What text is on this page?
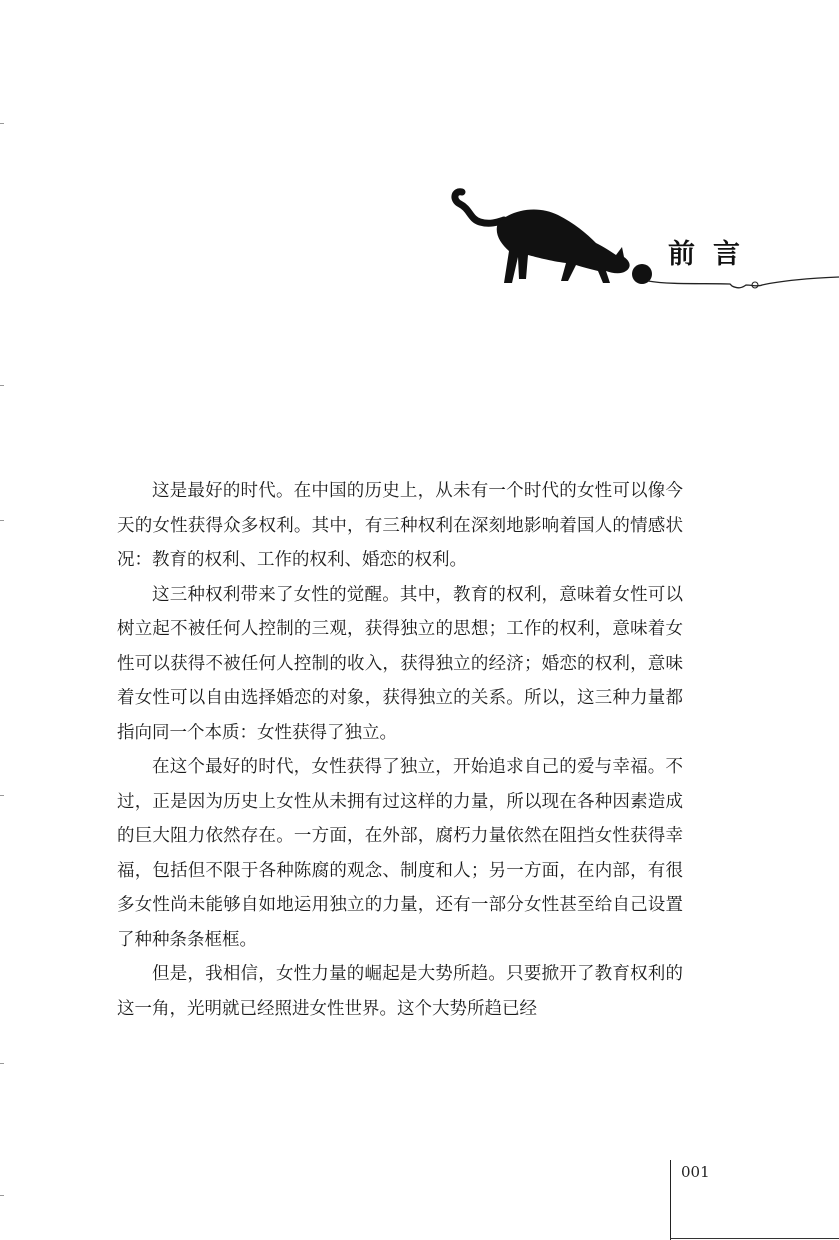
前言

这是最好的时代。在中国的历史上，从未有一个时代的女性可以像今天的女性获得众多权利。其中，有三种权利在深刻地影响着国人的情感状况：教育的权利、工作的权利、婚恋的权利。

这三种权利带来了女性的觉醒。其中，教育的权利，意味着女性可以树立起不被任何人控制的三观，获得独立的思想；工作的权利，意味着女性可以获得不被任何人控制的收入，获得独立的经济；婚恋的权利，意味着女性可以自由选择婚恋的对象，获得独立的关系。所以，这三种力量都指向同一个本质：女性获得了独立。

在这个最好的时代，女性获得了独立，开始追求自己的爱与幸福。不过，正是因为历史上女性从未拥有过这样的力量，所以现在各种因素造成的巨大阻力依然存在。一方面，在外部，腐朽力量依然在阻挡女性获得幸福，包括但不限于各种陈腐的观念、制度和人；另一方面，在内部，有很多女性尚未能够自如地运用独立的力量，还有一部分女性甚至给自己设置了种种条条框框。

但是，我相信，女性力量的崛起是大势所趋。只要掀开了教育权利的这一角，光明就已经照进女性世界。这个大势所趋已经

001
